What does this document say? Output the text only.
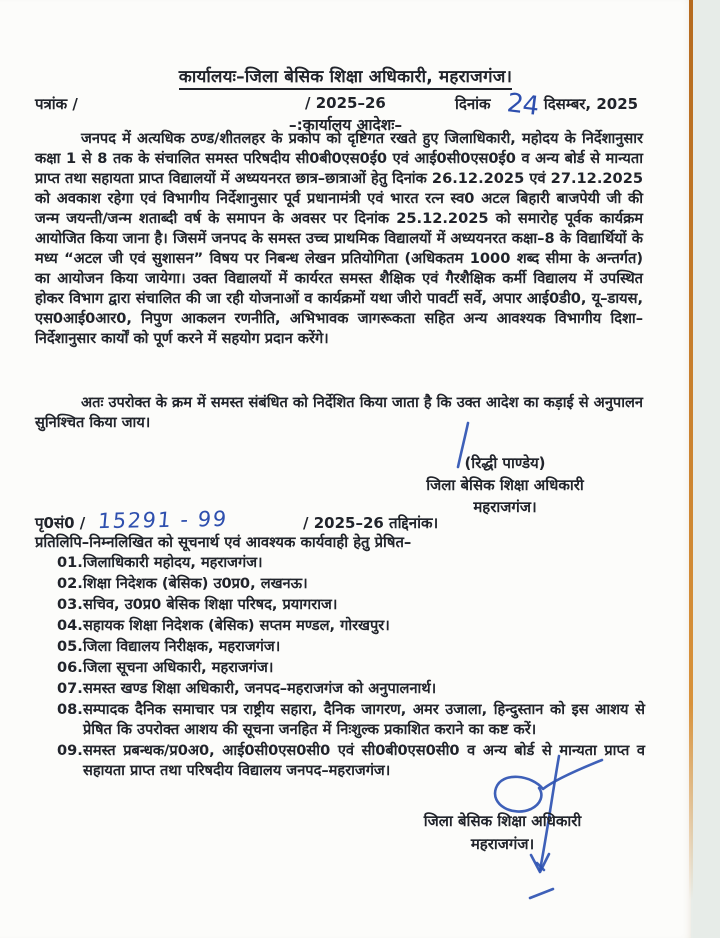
कार्यालयः–जिला बेसिक शिक्षा अधिकारी, महराजगंज।
पत्रांक /	/ 2025–26	दिनांक 24 दिसम्बर, 2025
–:कार्यालय आदेशः–
जनपद में अत्यधिक ठण्ड/शीतलहर के प्रकोप को दृष्टिगत रखते हुए जिलाधिकारी, महोदय के निर्देशानुसार कक्षा 1 से 8 तक के संचालित समस्त परिषदीय सी0बी0एस0ई0 एवं आई0सी0एस0ई0 व अन्य बोर्ड से मान्यता प्राप्त तथा सहायता प्राप्त विद्यालयों में अध्ययनरत छात्र–छात्राओं हेतु दिनांक 26.12.2025 एवं 27.12.2025 को अवकाश रहेगा एवं विभागीय निर्देशानुसार पूर्व प्रधानामंत्री एवं भारत रत्न स्व0 अटल बिहारी बाजपेयी जी की जन्म जयन्ती/जन्म शताब्दी वर्ष के समापन के अवसर पर दिनांक 25.12.2025 को समारोह पूर्वक कार्यक्रम आयोजित किया जाना है। जिसमें जनपद के समस्त उच्च प्राथमिक विद्यालयों में अध्ययनरत कक्षा–8 के विद्यार्थियों के मध्य “अटल जी एवं सुशासन” विषय पर निबन्ध लेखन प्रतियोगिता (अधिकतम 1000 शब्द सीमा के अन्तर्गत) का आयोजन किया जायेगा। उक्त विद्यालयों में कार्यरत समस्त शैक्षिक एवं गैरशैक्षिक कर्मी विद्यालय में उपस्थित होकर विभाग द्वारा संचालित की जा रही योजनाओं व कार्यक्रमों यथा जीरो पावर्टी सर्वे, अपार आई0डी0, यू–डायस, एस0आई0आर0, निपुण आकलन रणनीति, अभिभावक जागरूकता सहित अन्य आवश्यक विभागीय दिशा–निर्देशानुसार कार्यों को पूर्ण करने में सहयोग प्रदान करेंगे।
अतः उपरोक्त के क्रम में समस्त संबंधित को निर्देशित किया जाता है कि उक्त आदेश का कड़ाई से अनुपालन सुनिश्चित किया जाय।
(रिद्धी पाण्डेय)
जिला बेसिक शिक्षा अधिकारी
महराजगंज।
पृ0सं0 / 15291 - 99	/ 2025–26 तद्दिनांक।
प्रतिलिपि–निम्नलिखित को सूचनार्थ एवं आवश्यक कार्यवाही हेतु प्रेषित–
01. जिलाधिकारी महोदय, महराजगंज।
02. शिक्षा निदेशक (बेसिक) उ0प्र0, लखनऊ।
03. सचिव, उ0प्र0 बेसिक शिक्षा परिषद, प्रयागराज।
04. सहायक शिक्षा निदेशक (बेसिक) सप्तम मण्डल, गोरखपुर।
05. जिला विद्यालय निरीक्षक, महराजगंज।
06. जिला सूचना अधिकारी, महराजगंज।
07. समस्त खण्ड शिक्षा अधिकारी, जनपद–महराजगंज को अनुपालनार्थ।
08. सम्पादक दैनिक समाचार पत्र राष्ट्रीय सहारा, दैनिक जागरण, अमर उजाला, हिन्दुस्तान को इस आशय से प्रेषित कि उपरोक्त आशय की सूचना जनहित में निःशुल्क प्रकाशित कराने का कष्ट करें।
09. समस्त प्रबन्धक/प्र0अ0, आई0सी0एस0सी0 एवं सी0बी0एस0सी0 व अन्य बोर्ड से मान्यता प्राप्त व सहायता प्राप्त तथा परिषदीय विद्यालय जनपद–महराजगंज।
जिला बेसिक शिक्षा अधिकारी
महराजगंज।
